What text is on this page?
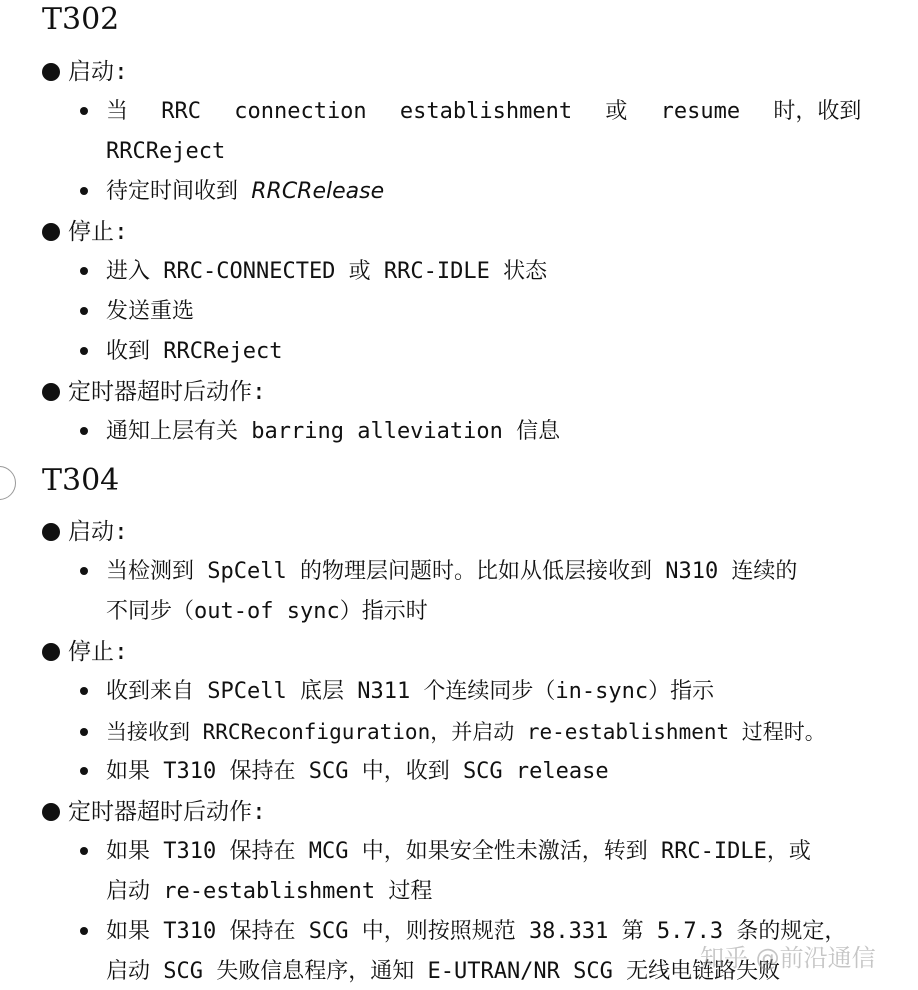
T302
启动:
当 RRC connection establishment 或 resume 时，收到
RRCReject
待定时间收到 RRCRelease
停止:
进入 RRC-CONNECTED 或 RRC-IDLE 状态
发送重选
收到 RRCReject
定时器超时后动作:
通知上层有关 barring alleviation 信息
T304
启动:
当检测到 SpCell 的物理层问题时。比如从低层接收到 N310 连续的
不同步（out-of sync）指示时
停止:
收到来自 SPCell 底层 N311 个连续同步（in-sync）指示
当接收到 RRCReconfiguration，并启动 re-establishment 过程时。
如果 T310 保持在 SCG 中，收到 SCG release
定时器超时后动作:
如果 T310 保持在 MCG 中，如果安全性未激活，转到 RRC-IDLE，或
启动 re-establishment 过程
如果 T310 保持在 SCG 中，则按照规范 38.331 第 5.7.3 条的规定，
启动 SCG 失败信息程序，通知 E-UTRAN/NR SCG 无线电链路失败
知乎 @前沿通信
